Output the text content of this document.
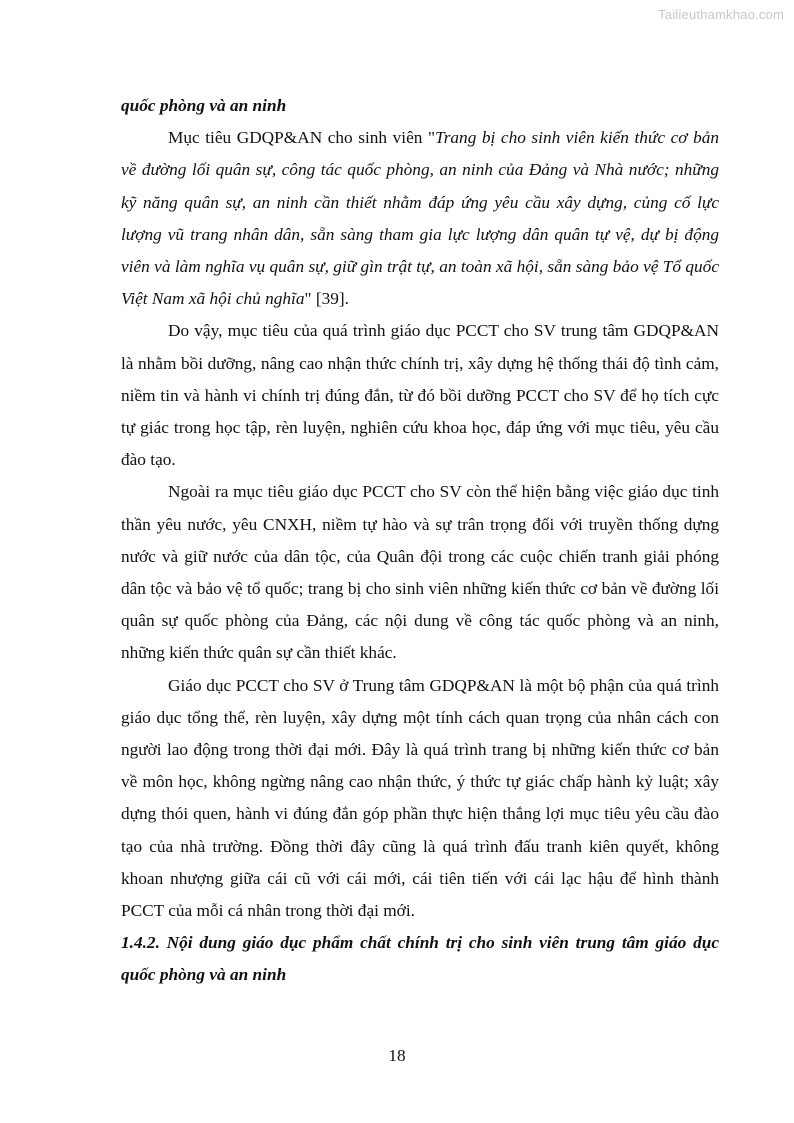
Tailieuthamkhao.com

quốc phòng và an ninh

Mục tiêu GDQP&AN cho sinh viên "Trang bị cho sinh viên kiến thức cơ bản về đường lối quân sự, công tác quốc phòng, an ninh của Đảng và Nhà nước; những kỹ năng quân sự, an ninh cần thiết nhằm đáp ứng yêu cầu xây dựng, củng cố lực lượng vũ trang nhân dân, sẵn sàng tham gia lực lượng dân quân tự vệ, dự bị động viên và làm nghĩa vụ quân sự, giữ gìn trật tự, an toàn xã hội, sẵn sàng bảo vệ Tổ quốc Việt Nam xã hội chủ nghĩa" [39].

Do vậy, mục tiêu của quá trình giáo dục PCCT cho SV trung tâm GDQP&AN là nhằm bồi dưỡng, nâng cao nhận thức chính trị, xây dựng hệ thống thái độ tình cảm, niềm tin và hành vi chính trị đúng đắn, từ đó bồi dưỡng PCCT cho SV để họ tích cực tự giác trong học tập, rèn luyện, nghiên cứu khoa học, đáp ứng với mục tiêu, yêu cầu đào tạo.

Ngoài ra mục tiêu giáo dục PCCT cho SV còn thể hiện bằng việc giáo dục tinh thần yêu nước, yêu CNXH, niềm tự hào và sự trân trọng đối với truyền thống dựng nước và giữ nước của dân tộc, của Quân đội trong các cuộc chiến tranh giải phóng dân tộc và bảo vệ tổ quốc; trang bị cho sinh viên những kiến thức cơ bản về đường lối quân sự quốc phòng của Đảng, các nội dung về công tác quốc phòng và an ninh, những kiến thức quân sự cần thiết khác.

Giáo dục PCCT cho SV ở Trung tâm GDQP&AN là một bộ phận của quá trình giáo dục tổng thể, rèn luyện, xây dựng một tính cách quan trọng của nhân cách con người lao động trong thời đại mới. Đây là quá trình trang bị những kiến thức cơ bản về môn học, không ngừng nâng cao nhận thức, ý thức tự giác chấp hành kỷ luật; xây dựng thói quen, hành vi đúng đắn góp phần thực hiện thắng lợi mục tiêu yêu cầu đào tạo của nhà trường. Đồng thời đây cũng là quá trình đấu tranh kiên quyết, không khoan nhượng giữa cái cũ với cái mới, cái tiên tiến với cái lạc hậu để hình thành PCCT của mỗi cá nhân trong thời đại mới.

1.4.2. Nội dung giáo dục phẩm chất chính trị cho sinh viên trung tâm giáo dục quốc phòng và an ninh

18
